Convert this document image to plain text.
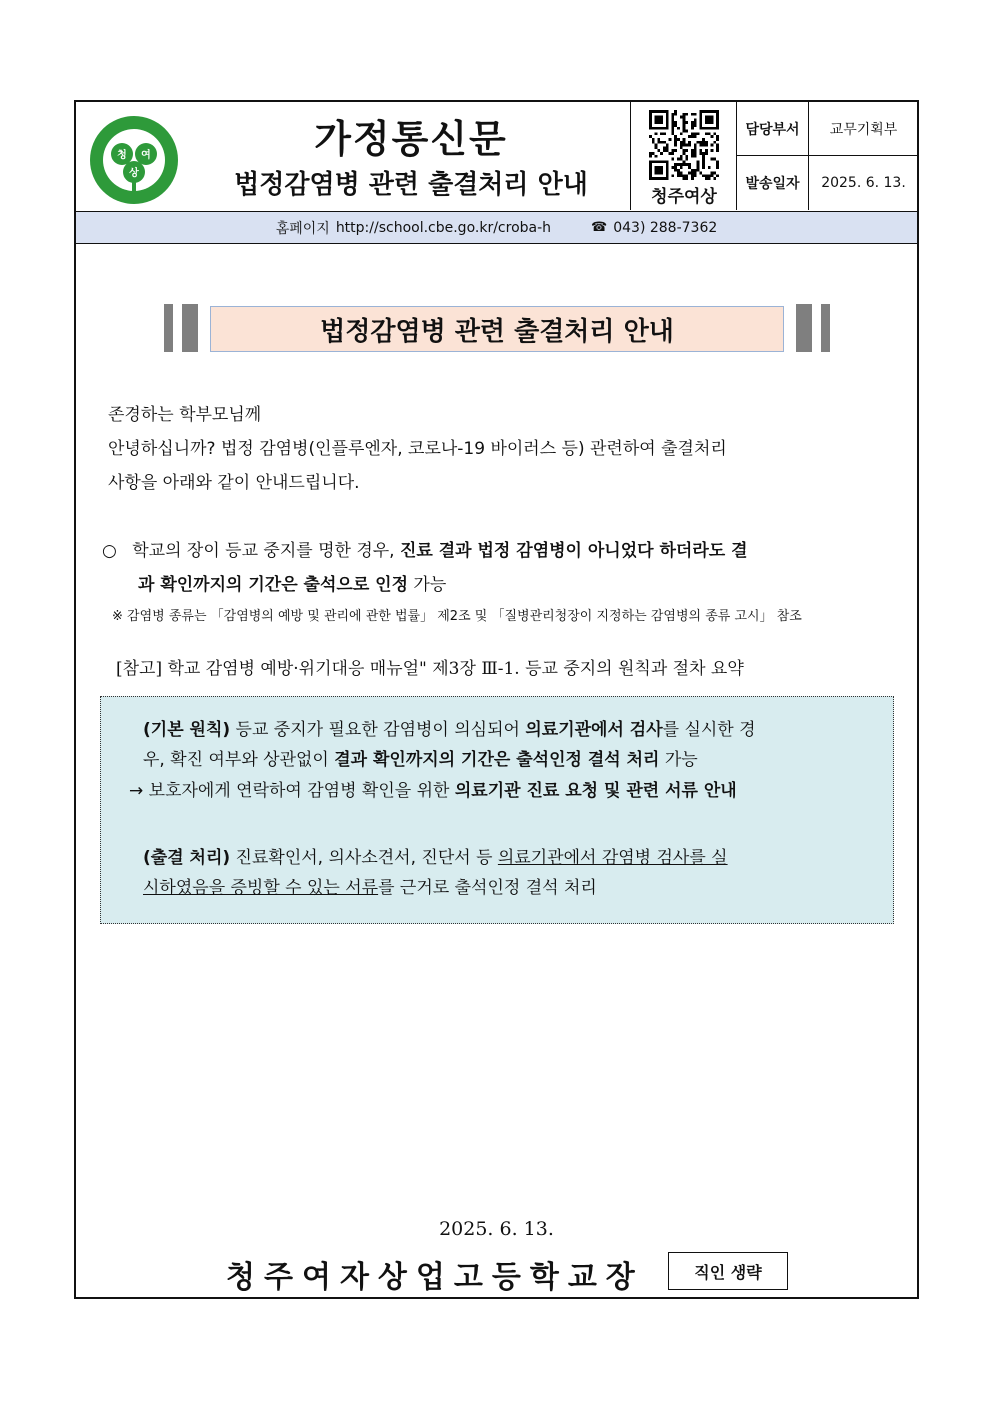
청 여
상
가정통신문
법정감염병 관련 출결처리 안내	청주여상
담당부서	교무기획부
발송일자	2025. 6. 13.
홈페이지 http://school.cbe.go.kr/croba-h	☎ 043) 288-7362
법정감염병 관련 출결처리 안내
존경하는 학부모님께
안녕하십니까? 법정 감염병(인플루엔자, 코로나-19 바이러스 등) 관련하여 출결처리
사항을 아래와 같이 안내드립니다.
○ 학교의 장이 등교 중지를 명한 경우, 진료 결과 법정 감염병이 아니었다 하더라도 결
과 확인까지의 기간은 출석으로 인정 가능
※ 감염병 종류는 「감염병의 예방 및 관리에 관한 법률」 제2조 및 「질병관리청장이 지정하는 감염병의 종류 고시」 참조
[참고] 학교 감염병 예방·위기대응 매뉴얼" 제3장 Ⅲ-1. 등교 중지의 원칙과 절차 요약
(기본 원칙) 등교 중지가 필요한 감염병이 의심되어 의료기관에서 검사를 실시한 경
우, 확진 여부와 상관없이 결과 확인까지의 기간은 출석인정 결석 처리 가능
→ 보호자에게 연락하여 감염병 확인을 위한 의료기관 진료 요청 및 관련 서류 안내
(출결 처리) 진료확인서, 의사소견서, 진단서 등 의료기관에서 감염병 검사를 실
시하였음을 증빙할 수 있는 서류를 근거로 출석인정 결석 처리
2025. 6. 13.
청주여자상업고등학교장	직인 생략
